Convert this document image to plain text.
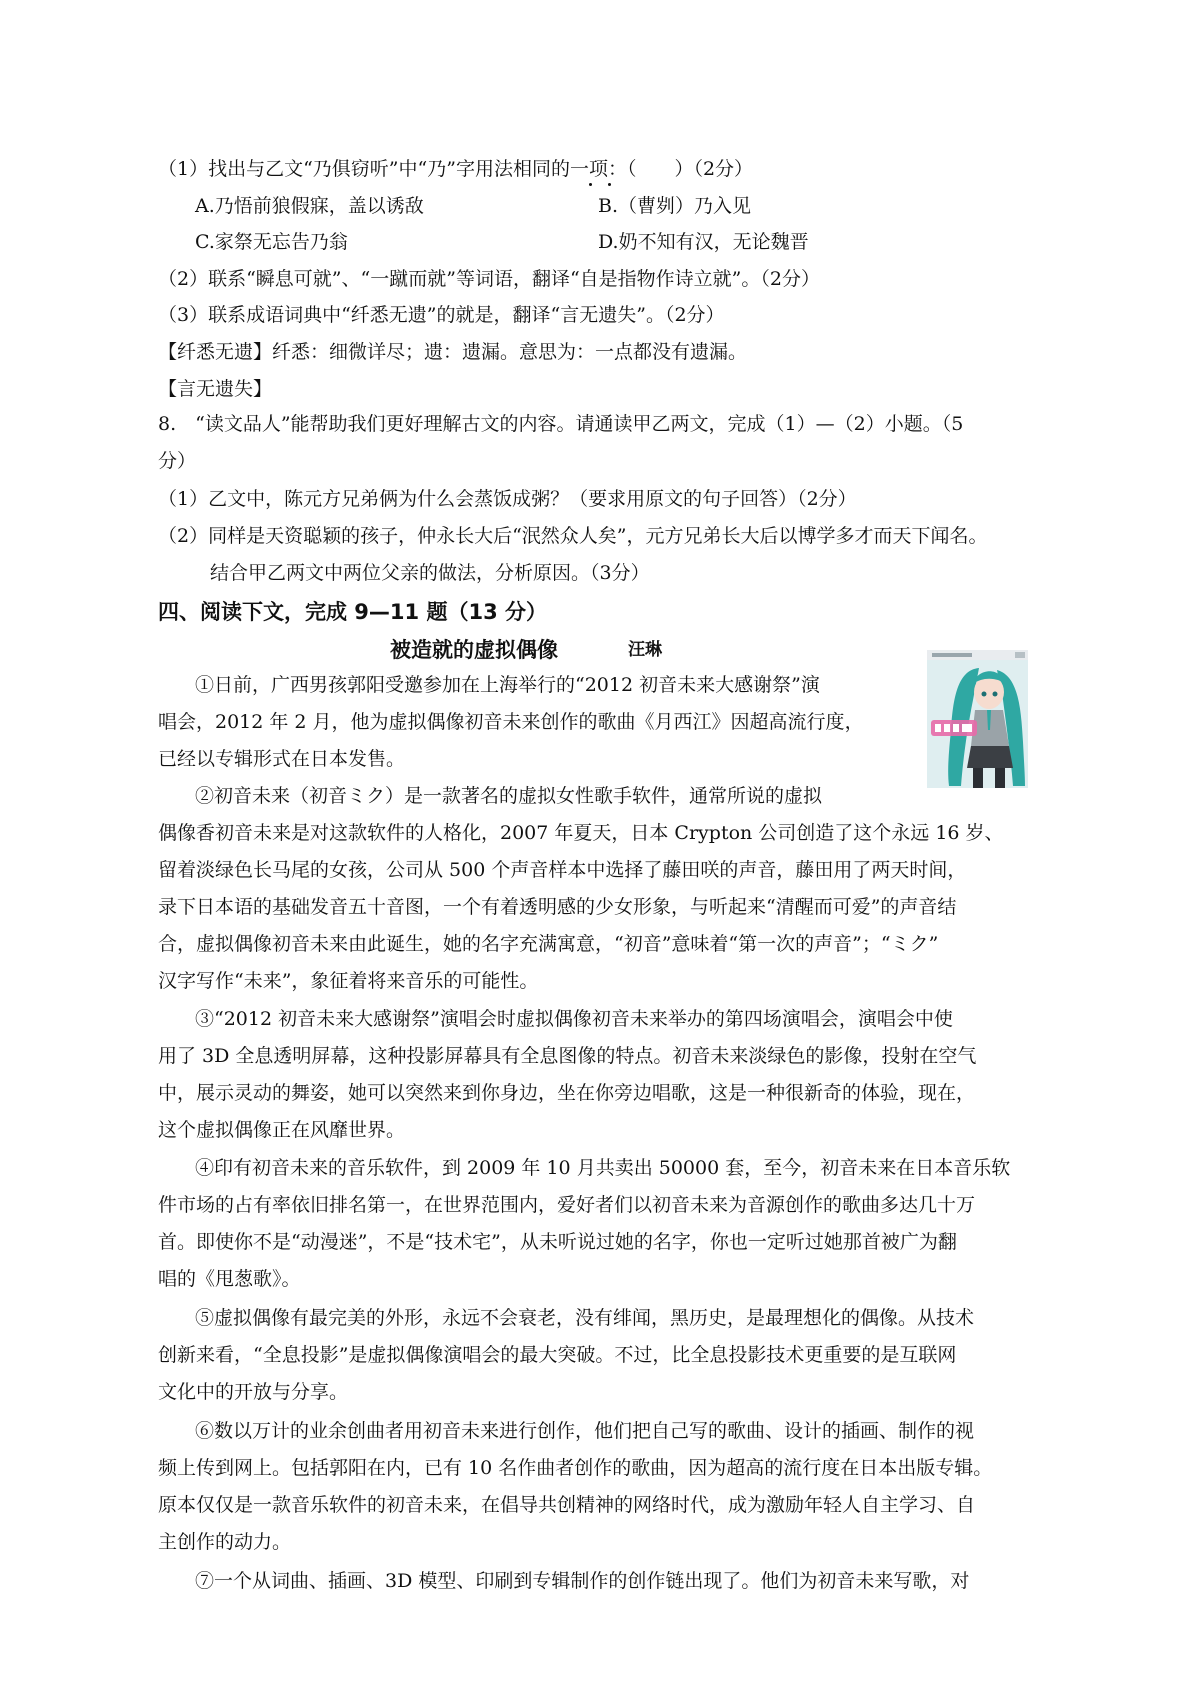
（1）找出与乙文“乃俱窃听”中“乃”字用法相同的一项：（　　）（2分）
A.乃悟前狼假寐，盖以诱敌	B.（曹刿）乃入见
C.家祭无忘告乃翁	D.奶不知有汉，无论魏晋
（2）联系“瞬息可就”、“一蹴而就”等词语，翻译“自是指物作诗立就”。（2分）
（3）联系成语词典中“纤悉无遗”的就是，翻译“言无遗失”。（2分）
【纤悉无遗】纤悉：细微详尽；遗：遗漏。意思为：一点都没有遗漏。
【言无遗失】
8.　“读文品人”能帮助我们更好理解古文的内容。请通读甲乙两文，完成（1）—（2）小题。（5
分）
（1）乙文中，陈元方兄弟俩为什么会蒸饭成粥？（要求用原文的句子回答）（2分）
（2）同样是天资聪颖的孩子，仲永长大后“泯然众人矣”，元方兄弟长大后以博学多才而天下闻名。
结合甲乙两文中两位父亲的做法，分析原因。（3分）
四、阅读下文，完成 9—11 题（13 分）
被造就的虚拟偶像	汪琳
①日前，广西男孩郭阳受邀参加在上海举行的“2012 初音未来大感谢祭”演
唱会，2012 年 2 月，他为虚拟偶像初音未来创作的歌曲《月西江》因超高流行度，
已经以专辑形式在日本发售。
②初音未来（初音ミク）是一款著名的虚拟女性歌手软件，通常所说的虚拟
偶像香初音未来是对这款软件的人格化，2007 年夏天，日本 Crypton 公司创造了这个永远 16 岁、
留着淡绿色长马尾的女孩，公司从 500 个声音样本中选择了藤田咲的声音，藤田用了两天时间，
录下日本语的基础发音五十音图，一个有着透明感的少女形象，与听起来“清醒而可爱”的声音结
合，虚拟偶像初音未来由此诞生，她的名字充满寓意，“初音”意味着“第一次的声音”；“ミク”
汉字写作“未来”，象征着将来音乐的可能性。
③“2012 初音未来大感谢祭”演唱会时虚拟偶像初音未来举办的第四场演唱会，演唱会中使
用了 3D 全息透明屏幕，这种投影屏幕具有全息图像的特点。初音未来淡绿色的影像，投射在空气
中，展示灵动的舞姿，她可以突然来到你身边，坐在你旁边唱歌，这是一种很新奇的体验，现在，
这个虚拟偶像正在风靡世界。
④印有初音未来的音乐软件，到 2009 年 10 月共卖出 50000 套，至今，初音未来在日本音乐软
件市场的占有率依旧排名第一，在世界范围内，爱好者们以初音未来为音源创作的歌曲多达几十万
首。即使你不是“动漫迷”，不是“技术宅”，从未听说过她的名字，你也一定听过她那首被广为翻
唱的《甩葱歌》。
⑤虚拟偶像有最完美的外形，永远不会衰老，没有绯闻，黑历史，是最理想化的偶像。从技术
创新来看，“全息投影”是虚拟偶像演唱会的最大突破。不过，比全息投影技术更重要的是互联网
文化中的开放与分享。
⑥数以万计的业余创曲者用初音未来进行创作，他们把自己写的歌曲、设计的插画、制作的视
频上传到网上。包括郭阳在内，已有 10 名作曲者创作的歌曲，因为超高的流行度在日本出版专辑。
原本仅仅是一款音乐软件的初音未来，在倡导共创精神的网络时代，成为激励年轻人自主学习、自
主创作的动力。
⑦一个从词曲、插画、3D 模型、印刷到专辑制作的创作链出现了。他们为初音未来写歌，对
